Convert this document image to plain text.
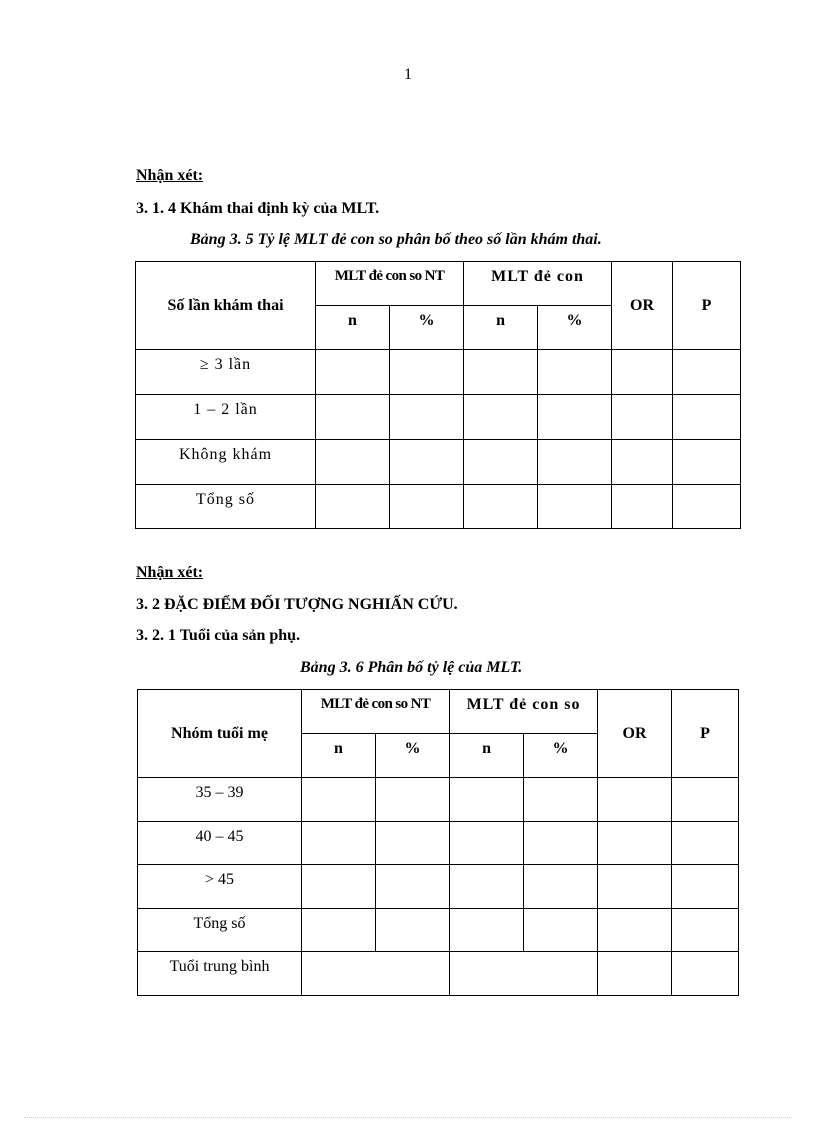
1
Nhận xét:
3. 1. 4 Khám thai định kỳ của MLT.
Bảng 3. 5 Tỷ lệ MLT đẻ con so phân bố theo số lần khám thai.
Số lần khám thai	MLT đẻ con so NT		MLT đẻ con		OR	P
	n	%	n	%		
≥ 3 lần						
1 – 2 lần						
Không khám						
Tổng số						
Nhận xét:
3. 2 ĐẶC ĐIỂM ĐỐI TƯỢNG NGHIẤN CỨU.
3. 2. 1 Tuổi của sản phụ.
Bảng 3. 6 Phân bố tỷ lệ của MLT.
Nhóm tuổi mẹ	MLT đẻ con so NT		MLT đẻ con so		OR	P
	n	%	n	%		
35 – 39						
40 – 45						
> 45						
Tổng số						
Tuổi trung bình						
